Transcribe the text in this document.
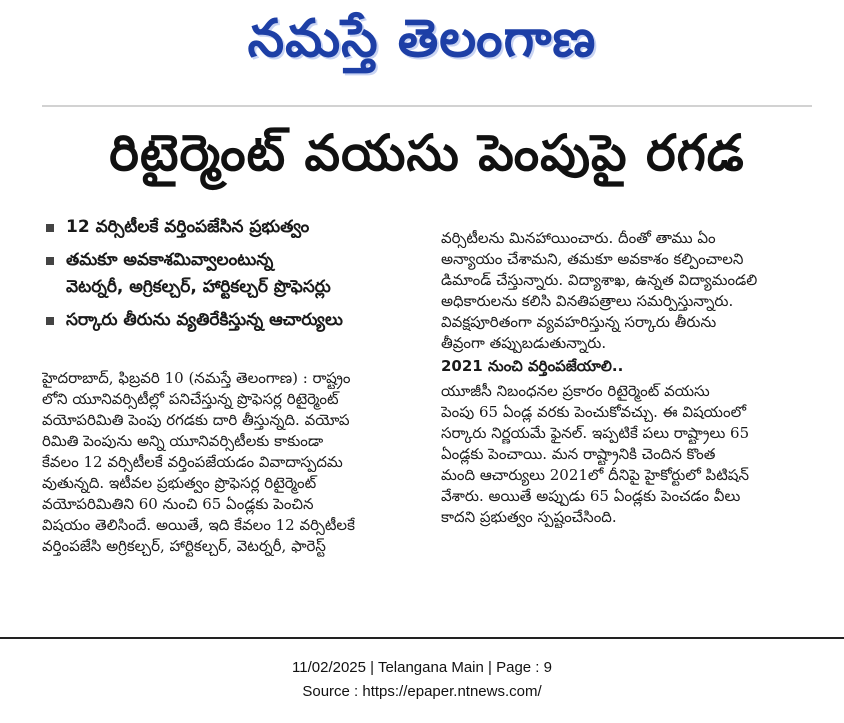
నమస్తే తెలంగాణ
రిటైర్మెంట్ వయసు పెంపుపై రగడ
12 వర్సిటీలకే వర్తింపజేసిన ప్రభుత్వం
తమకూ అవకాశమివ్వాలంటున్న
వెటర్నరీ, అగ్రికల్చర్, హార్టికల్చర్ ప్రొఫెసర్లు
సర్కారు తీరును వ్యతిరేకిస్తున్న ఆచార్యులు

హైదరాబాద్, ఫిబ్రవరి 10 (నమస్తే తెలంగాణ) : రాష్ట్రం

లోని యూనివర్సిటీల్లో పనిచేస్తున్న ప్రొఫెసర్ల రిటైర్మెంట్

వయోపరిమితి పెంపు రగడకు దారి తీస్తున్నది. వయోప

రిమితి పెంపును అన్ని యూనివర్సిటీలకు కాకుండా

కేవలం 12 వర్సిటీలకే వర్తింపజేయడం వివాదాస్పదమ

వుతున్నది. ఇటీవల ప్రభుత్వం ప్రొఫెసర్ల రిటైర్మెంట్

వయోపరిమితిని 60 నుంచి 65 ఏండ్లకు పెంచిన

విషయం తెలిసిందే. అయితే, ఇది కేవలం 12 వర్సిటీలకే

వర్తింపజేసి అగ్రికల్చర్, హార్టికల్చర్, వెటర్నరీ, ఫారెస్ట్

వర్సిటీలను మినహాయించారు. దీంతో తాము ఏం

అన్యాయం చేశామని, తమకూ అవకాశం కల్పించాలని

డిమాండ్ చేస్తున్నారు. విద్యాశాఖ, ఉన్నత విద్యామండలి

అధికారులను కలిసి వినతిపత్రాలు సమర్పిస్తున్నారు.

వివక్షపూరితంగా వ్యవహరిస్తున్న సర్కారు తీరును

తీవ్రంగా తప్పుబడుతున్నారు.

2021 నుంచి వర్తింపజేయాలి..

యూజీసీ నిబంధనల ప్రకారం రిటైర్మెంట్ వయసు

పెంపు 65 ఏండ్ల వరకు పెంచుకోవచ్చు. ఈ విషయంలో

సర్కారు నిర్ణయమే ఫైనల్. ఇప్పటికే పలు రాష్ట్రాలు 65

ఏండ్లకు పెంచాయి. మన రాష్ట్రానికి చెందిన కొంత

మంది ఆచార్యులు 2021లో దీనిపై హైకోర్టులో పిటిషన్

వేశారు. అయితే అప్పుడు 65 ఏండ్లకు పెంచడం వీలు

కాదని ప్రభుత్వం స్పష్టంచేసింది.

11/02/2025 | Telangana Main | Page : 9
Source : https://epaper.ntnews.com/
